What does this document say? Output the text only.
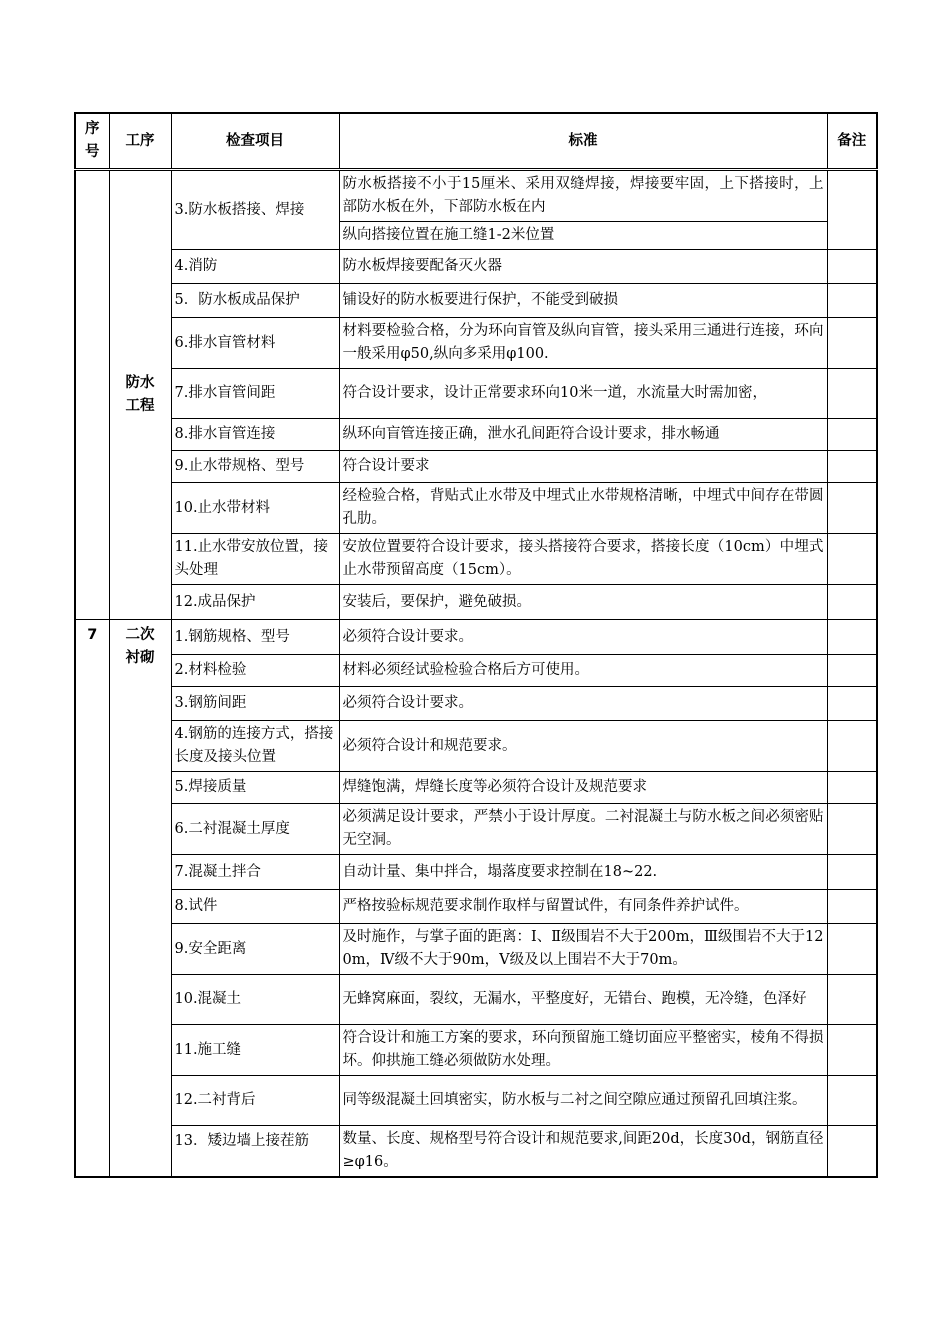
序号	工序	检查项目	标准	备注
	防水工程	3.防水板搭接、焊接	防水板搭接不小于15厘米、采用双缝焊接，焊接要牢固，上下搭接时，上部防水板在外，下部防水板在内	
			纵向搭接位置在施工缝1-2米位置	
		4.消防	防水板焊接要配备灭火器	
		5．防水板成品保护	铺设好的防水板要进行保护，不能受到破损	
		6.排水盲管材料	材料要检验合格，分为环向盲管及纵向盲管，接头采用三通进行连接，环向一般采用φ50,纵向多采用φ100.	
		7.排水盲管间距	符合设计要求，设计正常要求环向10米一道，水流量大时需加密，	
		8.排水盲管连接	纵环向盲管连接正确，泄水孔间距符合设计要求，排水畅通	
		9.止水带规格、型号	符合设计要求	
		10.止水带材料	经检验合格，背贴式止水带及中埋式止水带规格清晰，中埋式中间存在带圆孔肋。	
		11.止水带安放位置，接头处理	安放位置要符合设计要求，接头搭接符合要求，搭接长度（10cm）中埋式止水带预留高度（15cm）。	
		12.成品保护	安装后，要保护，避免破损。	
7	二次衬砌	1.钢筋规格、型号	必须符合设计要求。	
		2.材料检验	材料必须经试验检验合格后方可使用。	
		3.钢筋间距	必须符合设计要求。	
		4.钢筋的连接方式，搭接长度及接头位置	必须符合设计和规范要求。	
		5.焊接质量	焊缝饱满，焊缝长度等必须符合设计及规范要求	
		6.二衬混凝土厚度	必须满足设计要求，严禁小于设计厚度。二衬混凝土与防水板之间必须密贴无空洞。	
		7.混凝土拌合	自动计量、集中拌合，塌落度要求控制在18~22.	
		8.试件	严格按验标规范要求制作取样与留置试件，有同条件养护试件。	
		9.安全距离	及时施作，与掌子面的距离：Ⅰ、Ⅱ级围岩不大于200m，Ⅲ级围岩不大于120m，Ⅳ级不大于90m，Ⅴ级及以上围岩不大于70m。	
		10.混凝土	无蜂窝麻面，裂纹，无漏水，平整度好，无错台、跑模，无冷缝，色泽好	
		11.施工缝	符合设计和施工方案的要求，环向预留施工缝切面应平整密实，棱角不得损坏。仰拱施工缝必须做防水处理。	
		12.二衬背后	同等级混凝土回填密实，防水板与二衬之间空隙应通过预留孔回填注浆。	
		13．矮边墙上接茬筋	数量、长度、规格型号符合设计和规范要求,间距20d，长度30d，钢筋直径≥φ16。	
